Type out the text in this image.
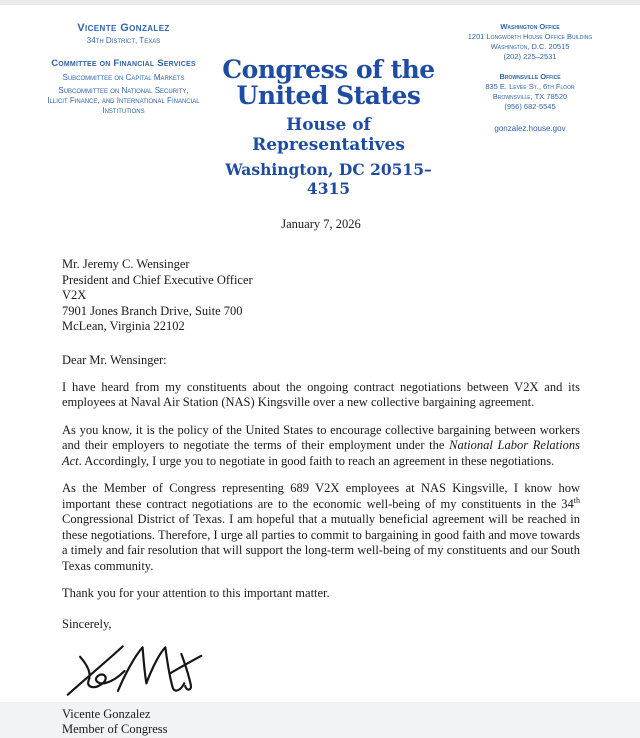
Vicente Gonzalez
34th District, Texas
Committee on Financial Services
Subcommittee on Capital Markets
Subcommittee on National Security,
Illicit Finance, and International Financial
Institutions
Congress of the United States
House of Representatives
Washington, DC 20515–4315
Washington Office
1201 Longworth House Office Building
Washington, D.C. 20515
(202) 225–2531
Brownsville Office
835 E. Levee St., 6th Floor
Brownsville, TX 78520
(956) 682-5545
gonzalez.house.gov
January 7, 2026
Mr. Jeremy C. Wensinger
President and Chief Executive Officer
V2X
7901 Jones Branch Drive, Suite 700
McLean, Virginia 22102
Dear Mr. Wensinger:

I have heard from my constituents about the ongoing contract negotiations between V2X and its employees at Naval Air Station (NAS) Kingsville over a new collective bargaining agreement.

As you know, it is the policy of the United States to encourage collective bargaining between workers and their employers to negotiate the terms of their employment under the National Labor Relations Act. Accordingly, I urge you to negotiate in good faith to reach an agreement in these negotiations.

As the Member of Congress representing 689 V2X employees at NAS Kingsville, I know how important these contract negotiations are to the economic well-being of my constituents in the 34th Congressional District of Texas. I am hopeful that a mutually beneficial agreement will be reached in these negotiations. Therefore, I urge all parties to commit to bargaining in good faith and move towards a timely and fair resolution that will support the long-term well-being of my constituents and our South Texas community.

Thank you for your attention to this important matter.

Sincerely,
Vicente Gonzalez
Member of Congress
